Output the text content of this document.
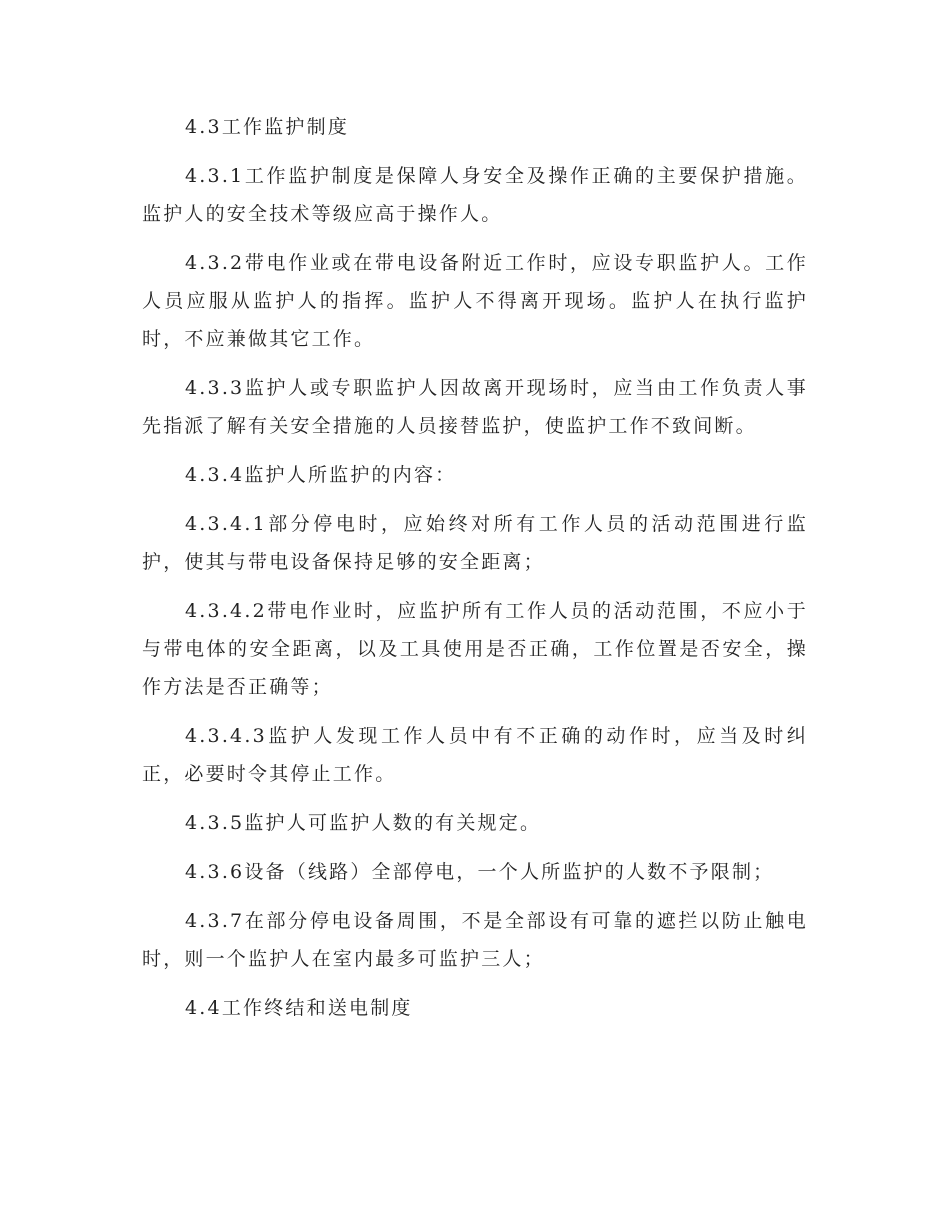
4.3工作监护制度

4.3.1工作监护制度是保障人身安全及操作正确的主要保护措施。监护人的安全技术等级应高于操作人。

4.3.2带电作业或在带电设备附近工作时，应设专职监护人。工作人员应服从监护人的指挥。监护人不得离开现场。监护人在执行监护时，不应兼做其它工作。

4.3.3监护人或专职监护人因故离开现场时，应当由工作负责人事先指派了解有关安全措施的人员接替监护，使监护工作不致间断。

4.3.4监护人所监护的内容：

4.3.4.1部分停电时，应始终对所有工作人员的活动范围进行监护，使其与带电设备保持足够的安全距离；

4.3.4.2带电作业时，应监护所有工作人员的活动范围，不应小于与带电体的安全距离，以及工具使用是否正确，工作位置是否安全，操作方法是否正确等；

4.3.4.3监护人发现工作人员中有不正确的动作时，应当及时纠正，必要时令其停止工作。

4.3.5监护人可监护人数的有关规定。

4.3.6设备（线路）全部停电，一个人所监护的人数不予限制；

4.3.7在部分停电设备周围，不是全部设有可靠的遮拦以防止触电时，则一个监护人在室内最多可监护三人；

4.4工作终结和送电制度
